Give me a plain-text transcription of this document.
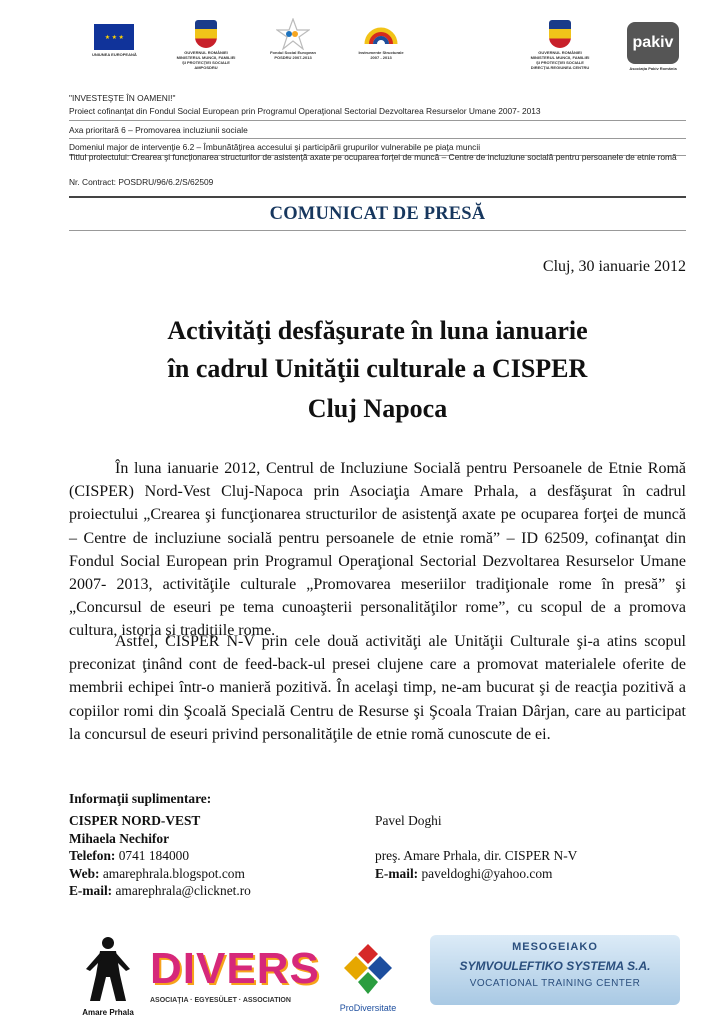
★ ★ ★
UNIUNEA EUROPEANĂ	GUVERNUL ROMÂNIEI
MINISTERUL MUNCII, FAMILIEI
ŞI PROTECŢIEI SOCIALE
AMPOSDRU
Fondul Social European
POSDRU 2007-2013
Instrumente Structurale
2007 - 2013
GUVERNUL ROMÂNIEI
MINISTERUL MUNCII, FAMILIEI
ŞI PROTECŢIEI SOCIALE
DIRECŢIA REGIUNEA CENTRU
pakiv
Asociaţia Pakiv România
"INVESTEŞTE ÎN OAMENI!"
Proiect cofinanţat din Fondul Social European prin Programul Operaţional Sectorial Dezvoltarea Resurselor Umane 2007- 2013
Axa prioritară 6 – Promovarea incluziunii sociale
Domeniul major de intervenţie 6.2 – Îmbunătăţirea accesului şi participării grupurilor vulnerabile pe piaţa muncii
Titlul proiectului: Crearea şi funcţionarea structurilor de asistenţă axate pe ocuparea forţei de muncă – Centre de incluziune socială pentru persoanele de etnie romă
Nr. Contract: POSDRU/96/6.2/S/62509
COMUNICAT DE PRESĂ
Cluj, 30 ianuarie 2012
Activităţi desfăşurate în luna ianuarie
în cadrul Unităţii culturale a CISPER
Cluj Napoca
În luna ianuarie 2012, Centrul de Incluziune Socială pentru Persoanele de Etnie Romă (CISPER) Nord-Vest Cluj-Napoca prin Asociaţia Amare Prhala, a desfăşurat în cadrul proiectului „Crearea şi funcţionarea structurilor de asistenţă axate pe ocuparea forţei de muncă – Centre de incluziune socială pentru persoanele de etnie romă” – ID 62509, cofinanţat din Fondul Social European prin Programul Operaţional Sectorial Dezvoltarea Resurselor Umane 2007- 2013, activităţile culturale „Promovarea meseriilor tradiţionale rome în presă” şi „Concursul de eseuri pe tema cunoaşterii personalităţilor rome”, cu scopul de a promova cultura, istoria şi tradiţiile rome.
Astfel, CISPER N-V prin cele două activităţi ale Unităţii Culturale şi-a atins scopul preconizat ţinând cont de feed-back-ul presei clujene care a promovat materialele oferite de membrii echipei într-o manieră pozitivă. În acelaşi timp, ne-am bucurat şi de reacţia pozitivă a copiilor romi din Şcoală Specială Centru de Resurse şi Şcoala Traian Dârjan, care au participat la concursul de eseuri privind personalităţile de etnie romă cunoscute de ei.
Informaţii suplimentare:
CISPER NORD-VEST
Mihaela Nechifor
Telefon: 0741 184000
Web: amarephrala.blogspot.com
E-mail: amarephrala@clicknet.ro
Pavel Doghi

preş. Amare Prhala, dir. CISPER N-V
E-mail: paveldoghi@yahoo.com
Amare Prhala
DIVERS
ASOCIAŢIA · EGYESÜLET · ASSOCIATION
ProDiversitate
MESOGEIAKO
SYMVOULEFTIKO SYSTEMA S.A.
VOCATIONAL TRAINING CENTER
